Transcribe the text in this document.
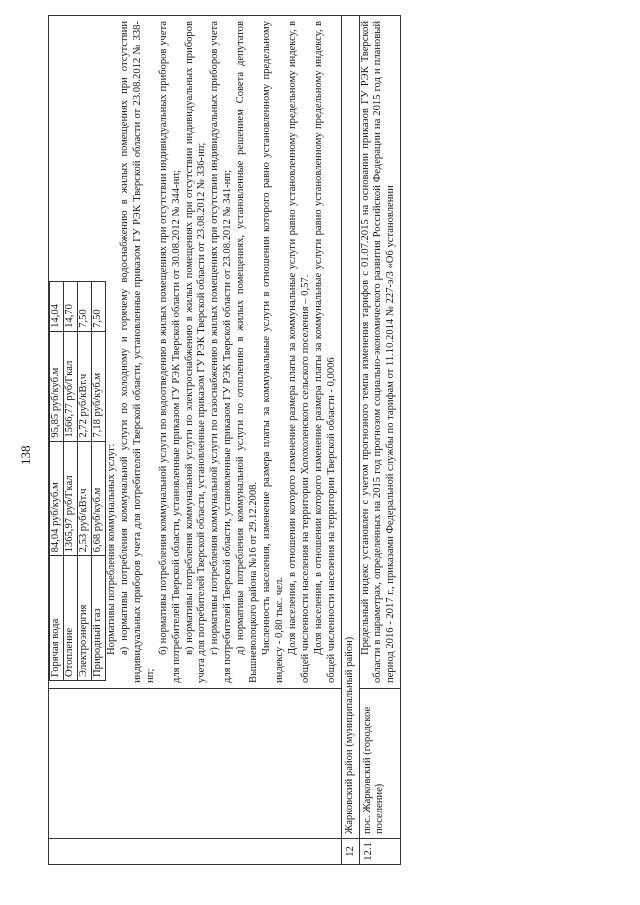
138

Горячая вода	84,04 руб/куб.м	95,85 руб/куб.м	14,04
Отопление	1365,97 руб/Гкал	1566,77 руб/Гкал	14,70
Электроэнергия	2,53 руб/кВт.ч	2,72 руб/кВт.ч	7,50
Природный газ	6,68 руб/куб.м	7,18 руб/куб.м	7,50

Нормативы потребления коммунальных услуг: а) нормативы потребления коммунальной услуги по холодному и горячему водоснабжению в жилых помещениях при отсутствии индивидуальных приборов учета для потребителей Тверской области, установленные приказом ГУ РЭК Тверской области от 23.08.2012 № 338-нп;

б) нормативы потребления коммунальной услуги по водоотведению в жилых помещениях при отсутствии индивидуальных приборов учета для потребителей Тверской области, установленные приказом ГУ РЭК Тверской области от 30.08.2012 № 344-нп; в) нормативы потребления коммунальной услуги по электроснабжению в жилых помещениях при отсутствии индивидуальных приборов учета для потребителей Тверской области, установленные приказом ГУ РЭК Тверской области от 23.08.2012 № 336-нп; г) нормативы потребления коммунальной услуги по газоснабжению в жилых помещениях при отсутствии индивидуальных приборов учета для потребителей Тверской области, установленные приказом ГУ РЭК Тверской области от 23.08.2012 № 341-нп; д) нормативы потребления коммунальной услуги по отоплению в жилых помещениях, установленные решением Совета депутатов Вышневолоцкого района №16 от 29.12.2008. Численность населения, изменение размера платы за коммунальные услуги в отношении которого равно установленному предельному индексу - 0,80 тыс. чел. Доля населения, в отношении которого изменение размера платы за коммунальные услуги равно установленному предельному индексу, в общей численности населения на территории Холохоленского сельского поселения – 0,57. Доля населения, в отношении которого изменение размера платы за коммунальные услуги равно установленному предельному индексу, в общей численности населения на территории Тверской области - 0,0006

12	Жарковский район (муниципальный район)
12.1	пос. Жарковский (городское поселение)	

Предельный индекс установлен с учетом прогнозного темпа изменения тарифов с 01.07.2015 на основании приказов ГУ РЭК Тверской области в параметрах, определенных на 2015 год прогнозом социально-экономического развития Российской Федерации на 2015 год и плановый период 2016 - 2017 г., приказами Федеральной службы по тарифам от 11.10.2014 № 227-э/3 «Об установлении
